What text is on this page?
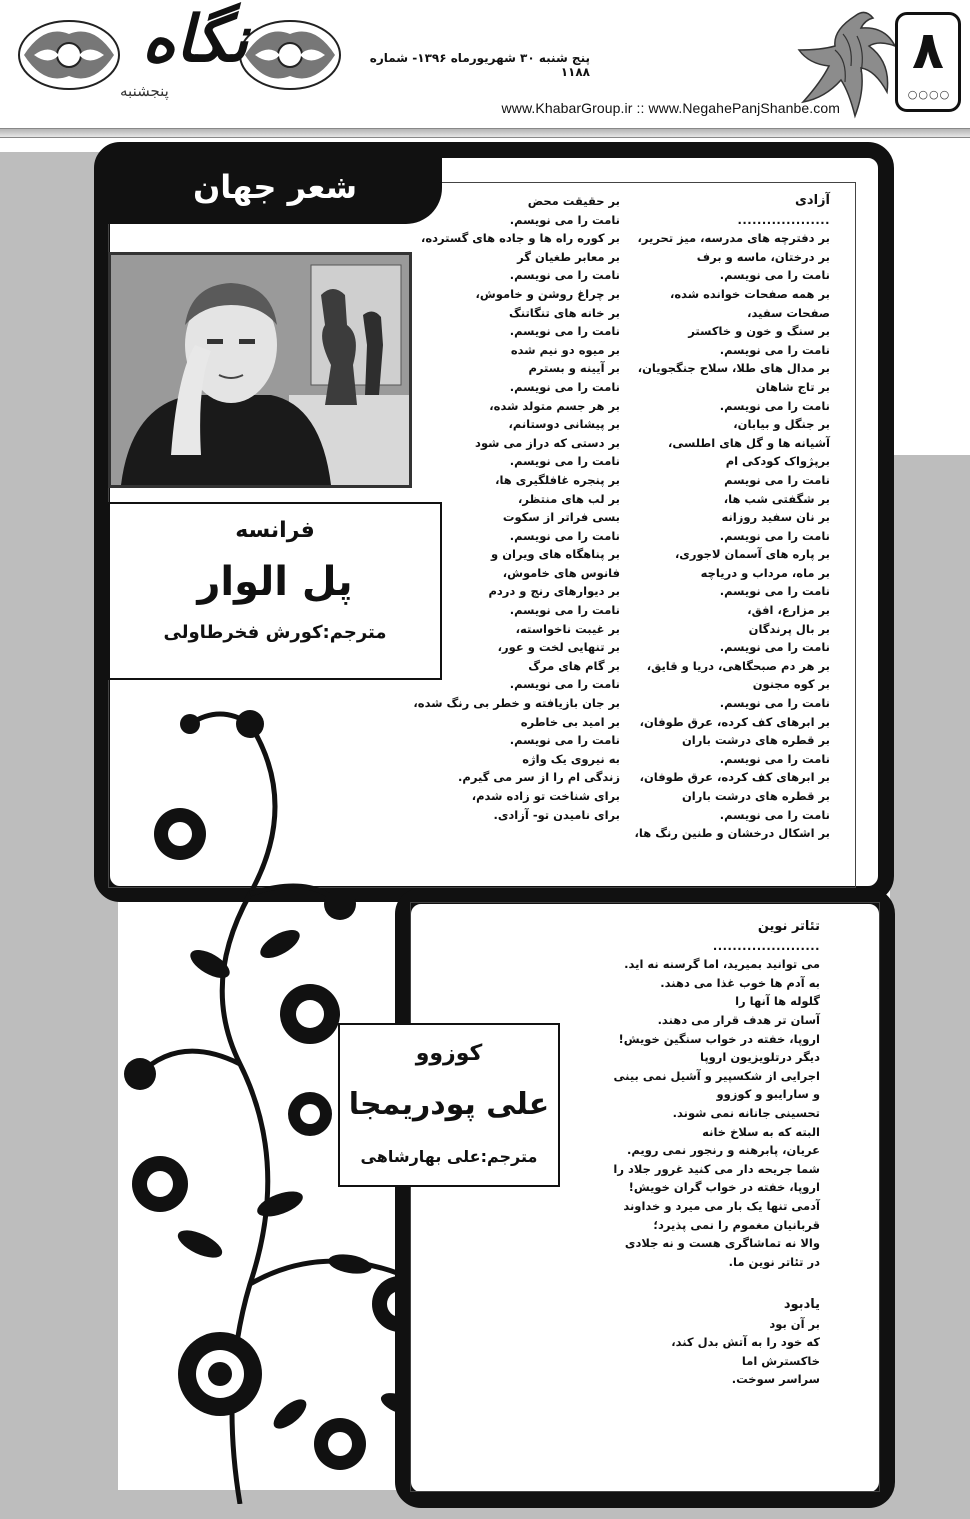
نگاه
پنجشنبه
پنج شنبه ۳۰ شهریورماه ۱۳۹۶- شماره ۱۱۸۸
www.KhabarGroup.ir :: www.NegahePanjShanbe.com
۸
○○○○
شعر جهان
فرانسه
پل الوار
مترجم:کورش فخرطاولی
آزادی
...................
بر دفترچه های مدرسه، میز تحریر،
بر درختان، ماسه و برف
نامت را می نویسم.
بر همه صفحات خوانده شده،
صفحات سفید،
بر سنگ و خون و خاکستر
نامت را می نویسم.
بر مدال های طلا، سلاح جنگجویان،
بر تاج شاهان
نامت را می نویسم.
بر جنگل و بیابان،
آشیانه ها و گل های اطلسی،
برپژواک کودکی ام
نامت را می نویسم
بر شگفتی شب ها،
بر نان سفید روزانه
نامت را می نویسم.
بر پاره های آسمان لاجوری،
بر ماه، مرداب و دریاچه
نامت را می نویسم.
بر مزارع، افق،
بر بال پرندگان
نامت را می نویسم.
بر هر دم صبحگاهی، دریا و قایق،
بر کوه مجنون
نامت را می نویسم.
بر ابرهای کف کرده، عرق طوفان،
بر قطره های درشت باران
نامت را می نویسم.
بر ابرهای کف کرده، عرق طوفان،
بر قطره های درشت باران
نامت را می نویسم.
بر اشکال درخشان و طنین رنگ ها،
بر حقیقت محض
نامت را می نویسم.
بر کوره راه ها و جاده های گسترده،
بر معابر طغیان گر
نامت را می نویسم.
بر چراغ روشن و خاموش،
بر خانه های تنگاتنگ
نامت را می نویسم.
بر میوه دو نیم شده
بر آیینه و بسترم
نامت را می نویسم.
بر هر جسم متولد شده،
بر پیشانی دوستانم،
بر دستی که دراز می شود
نامت را می نویسم.
بر پنجره غافلگیری ها،
بر لب های منتظر،
بسی فراتر از سکوت
نامت را می نویسم.
بر پناهگاه های ویران و
فانوس های خاموش،
بر دیوارهای رنج و دردم
نامت را می نویسم.
بر غیبت ناخواسته،
بر تنهایی لخت و عور،
بر گام های مرگ
نامت را می نویسم.
بر جان بازیافته و خطر بی رنگ شده،
بر امید بی خاطره
نامت را می نویسم.
به نیروی یک واژه
زندگی ام را از سر می گیرم.
برای شناخت تو زاده شدم،
برای نامیدن تو- آزادی.
کوزوو
علی پودریمجا
مترجم:علی بهارشاهی
تئاتر نوین
......................
می توانید بمیرید، اما گرسنه نه اید.
به آدم ها خوب غذا می دهند.
گلوله ها آنها را
آسان تر هدف قرار می دهند.
اروپا، خفته در خواب سنگین خویش!
دیگر درتلویزیون اروپا
اجرایی از شکسپیر و آشیل نمی بینی
و سارایبو و کوزوو
تحسینی جانانه نمی شوند.
البته که به سلاخ خانه
عریان، پابرهنه و رنجور نمی رویم.
شما جریحه دار می کنید غرور جلاد را
اروپا، خفته در خواب گران خویش!
آدمی تنها یک بار می میرد و خداوند
قربانیان مغموم را نمی پذیرد؛
والا نه تماشاگری هست و نه جلادی
در تئاتر نوین ما.
یادبود
بر آن بود
که خود را به آتش بدل کند،
خاکسترش اما
سراسر سوخت.
